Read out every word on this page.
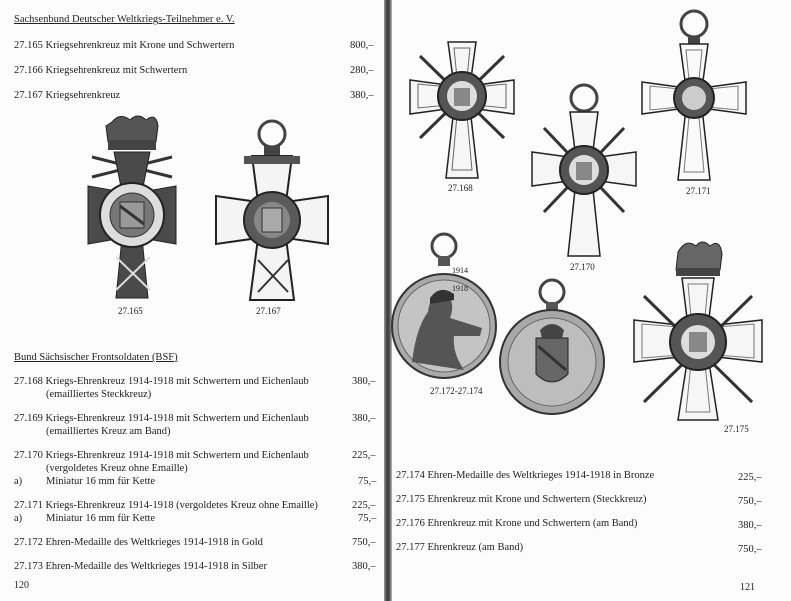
Sachsenbund Deutscher Weltkriegs-Teilnehmer e. V.
27.165 Kriegsehrenkreuz mit Krone und Schwertern	800,–
27.166 Kriegsehrenkreuz mit Schwertern	280,–
27.167 Kriegsehrenkreuz	380,–
27.165	27.167
Bund Sächsischer Frontsoldaten (BSF)
27.168 Kriegs-Ehrenkreuz 1914-1918 mit Schwertern und Eichenlaub
(emailliertes Steckkreuz)
380,–
27.169 Kriegs-Ehrenkreuz 1914-1918 mit Schwertern und Eichenlaub
(emailliertes Kreuz am Band)
380,–
27.170 Kriegs-Ehrenkreuz 1914-1918 mit Schwertern und Eichenlaub
(vergoldetes Kreuz ohne Emaille)
225,–
a) Miniatur 16 mm für Kette	75,–
27.171 Kriegs-Ehrenkreuz 1914-1918 (vergoldetes Kreuz ohne Emaille)	225,–
a) Miniatur 16 mm für Kette	75,–
27.172 Ehren-Medaille des Weltkrieges 1914-1918 in Gold	750,–
27.173 Ehren-Medaille des Weltkrieges 1914-1918 in Silber	380,–
120
27.168
27.170
27.171
1914
1918
27.172-27.174
27.175
27.174 Ehren-Medaille des Weltkrieges 1914-1918 in Bronze	225,–
27.175 Ehrenkreuz mit Krone und Schwertern (Steckkreuz)	750,–
27.176 Ehrenkreuz mit Krone und Schwertern (am Band)	380,–
27.177 Ehrenkreuz (am Band)	750,–
121
